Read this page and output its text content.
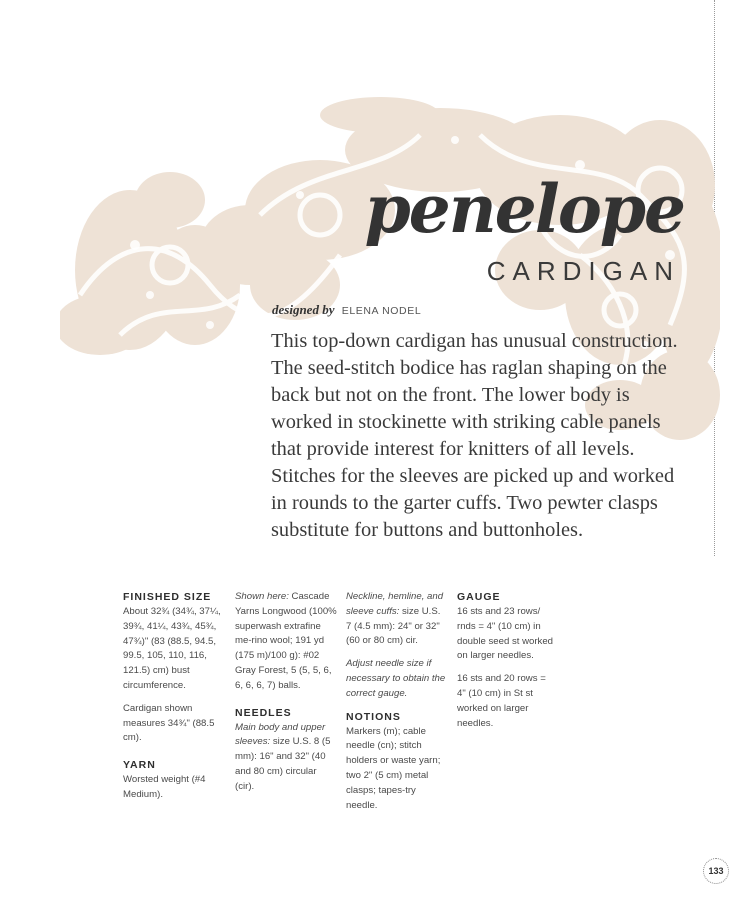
penelope
CARDIGAN
designed by ELENA NODEL

This top-down cardigan has unusual construction. The seed-stitch bodice has raglan shaping on the back but not on the front. The lower body is worked in stockinette with striking cable panels that provide interest for knitters of all levels. Stitches for the sleeves are picked up and worked in rounds to the garter cuffs. Two pewter clasps substitute for buttons and buttonholes.

FINISHED SIZE

About 32¾ (34¾, 37¼, 39¾, 41¼, 43¾, 45¾, 47¾)" (83 (88.5, 94.5, 99.5, 105, 110, 116, 121.5) cm) bust circumference.

Cardigan shown measures 34¾" (88.5 cm).

YARN

Worsted weight (#4 Medium).

Shown here: Cascade Yarns Longwood (100% superwash extrafine me-rino wool; 191 yd (175 m)/100 g): #02 Gray Forest, 5 (5, 5, 6, 6, 6, 6, 7) balls.

NEEDLES

Main body and upper sleeves: size U.S. 8 (5 mm): 16" and 32" (40 and 80 cm) circular (cir).

Neckline, hemline, and sleeve cuffs: size U.S. 7 (4.5 mm): 24" or 32" (60 or 80 cm) cir.

Adjust needle size if necessary to obtain the correct gauge.

NOTIONS

Markers (m); cable needle (cn); stitch holders or waste yarn; two 2" (5 cm) metal clasps; tapes-try needle.

GAUGE

16 sts and 23 rows/ rnds = 4" (10 cm) in double seed st worked on larger needles.

16 sts and 20 rows = 4" (10 cm) in St st worked on larger needles.

133
